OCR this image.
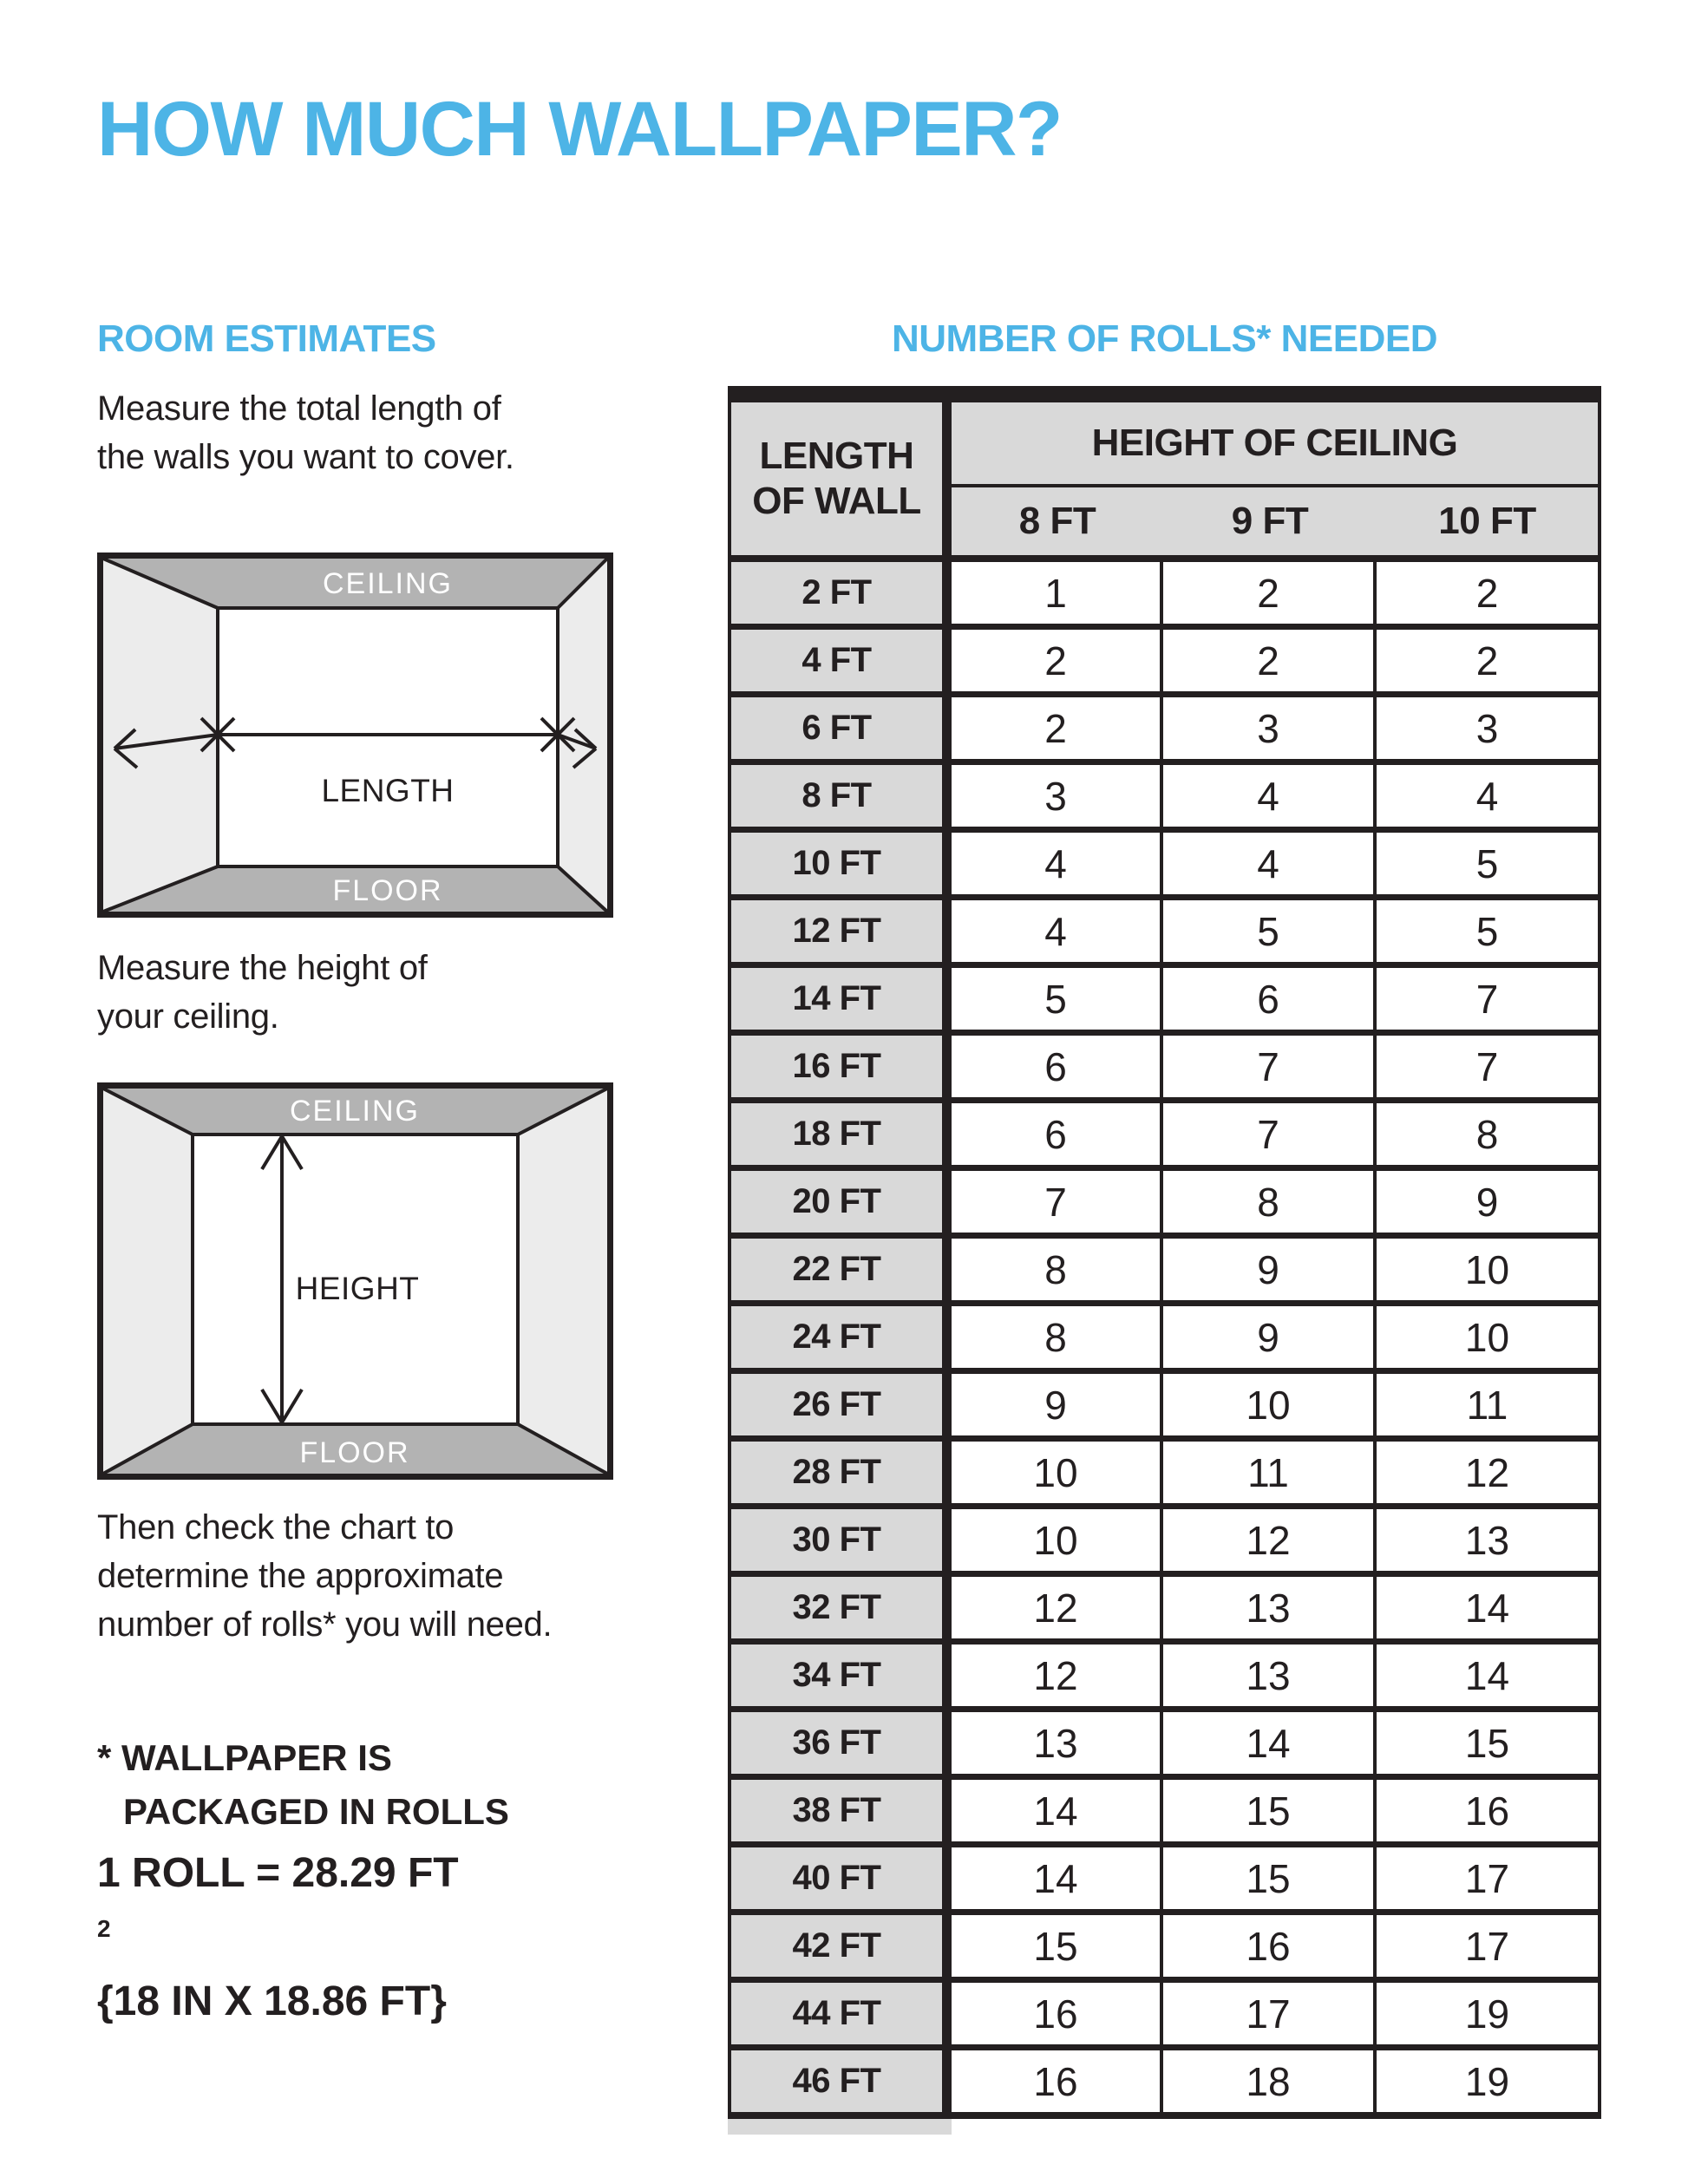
HOW MUCH WALLPAPER?
ROOM ESTIMATES

Measure the total length of
the walls you want to cover.

CEILING
FLOOR
LENGTH

Measure the height of
your ceiling.

CEILING
FLOOR
HEIGHT

Then check the chart to
determine the approximate
number of rolls* you will need.

* WALLPAPER IS
PACKAGED IN ROLLS

1 ROLL = 28.29 FT
$^2$
{18 IN X 18.86 FT}

NUMBER OF ROLLS* NEEDED
LENGTH
OF WALL
HEIGHT OF CEILING
8 FT	9 FT	10 FT
2 FT	1	2	2
4 FT	2	2	2
6 FT	2	3	3
8 FT	3	4	4
10 FT	4	4	5
12 FT	4	5	5
14 FT	5	6	7
16 FT	6	7	7
18 FT	6	7	8
20 FT	7	8	9
22 FT	8	9	10
24 FT	8	9	10
26 FT	9	10	11
28 FT	10	11	12
30 FT	10	12	13
32 FT	12	13	14
34 FT	12	13	14
36 FT	13	14	15
38 FT	14	15	16
40 FT	14	15	17
42 FT	15	16	17
44 FT	16	17	19
46 FT	16	18	19
